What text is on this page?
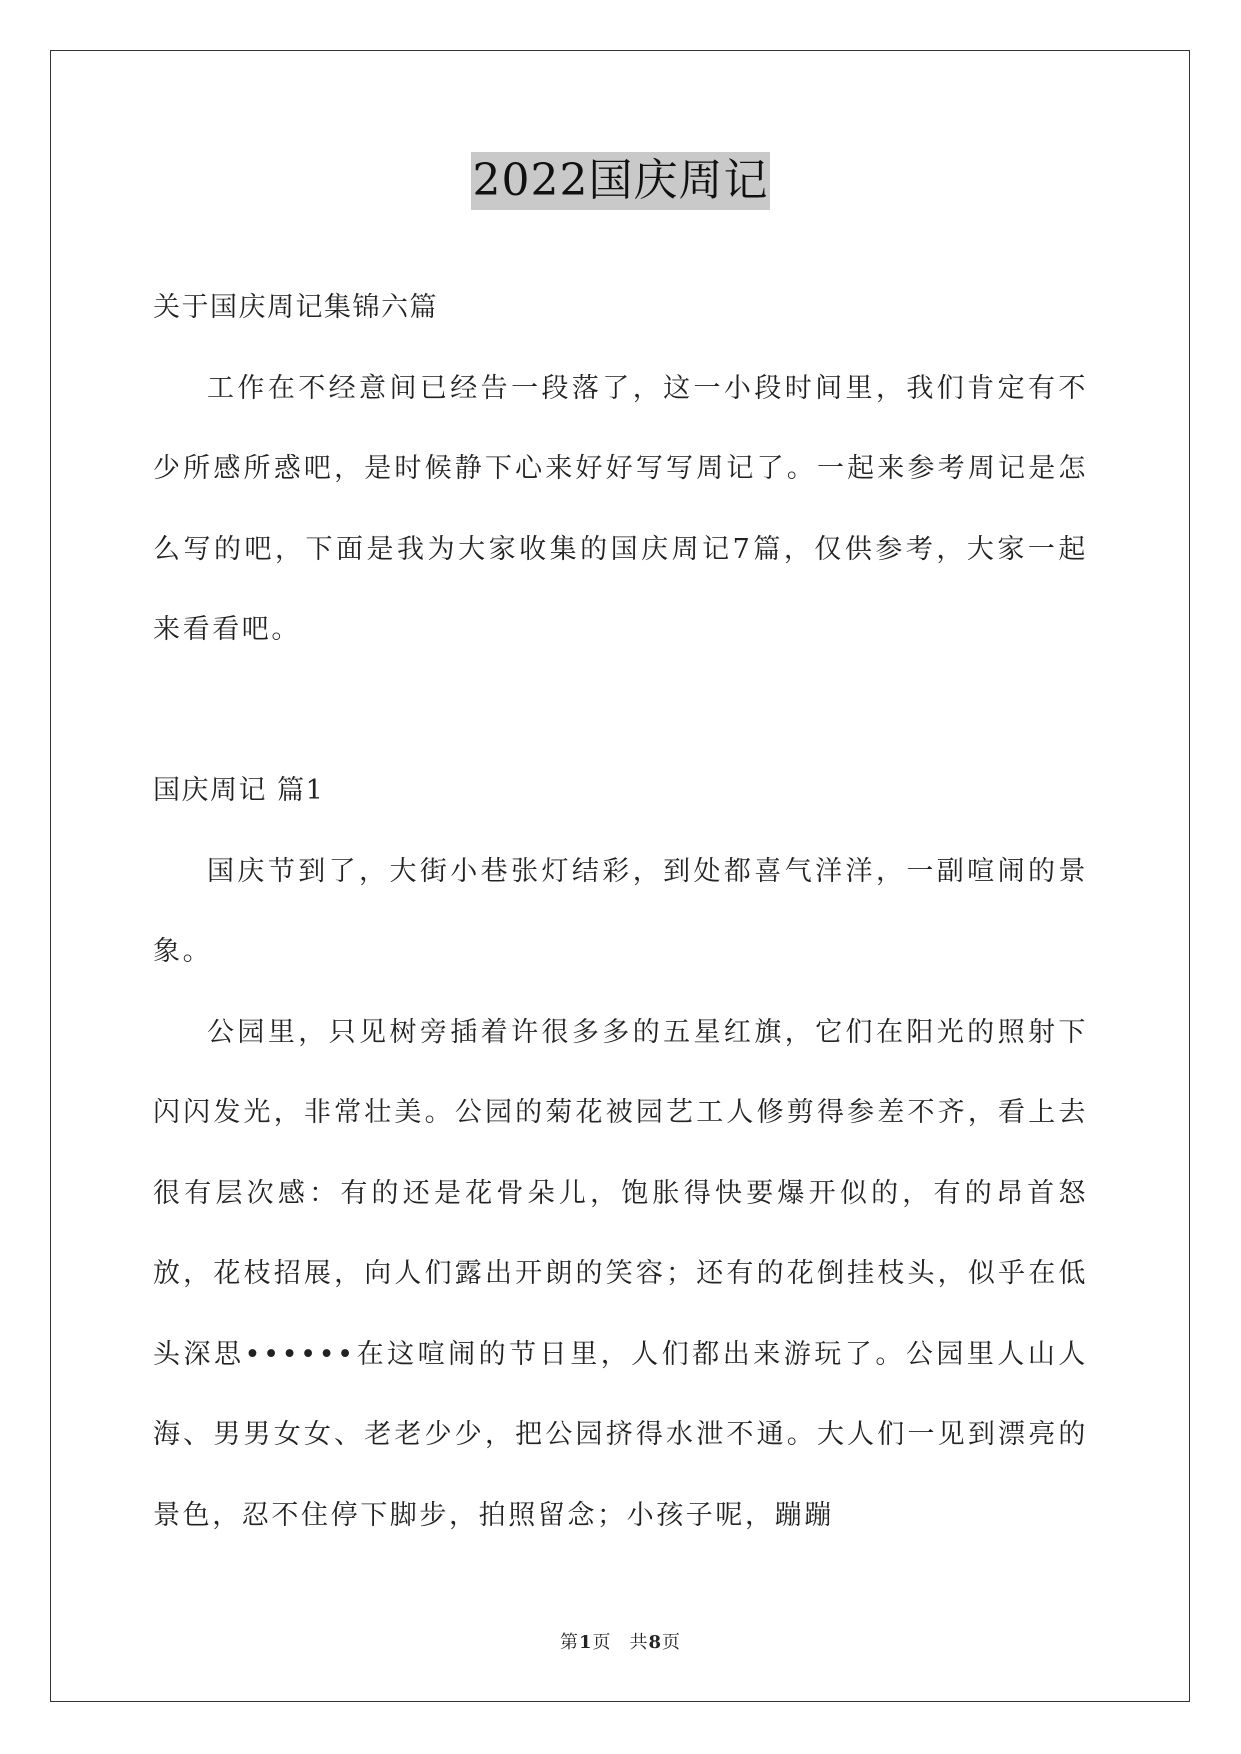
2022国庆周记

关于国庆周记集锦六篇

工作在不经意间已经告一段落了，这一小段时间里，我们肯定有不少所感所惑吧，是时候静下心来好好写写周记了。一起来参考周记是怎么写的吧，下面是我为大家收集的国庆周记7篇，仅供参考，大家一起来看看吧。

国庆周记 篇1

国庆节到了，大街小巷张灯结彩，到处都喜气洋洋，一副喧闹的景象。

公园里，只见树旁插着许很多多的五星红旗，它们在阳光的照射下闪闪发光，非常壮美。公园的菊花被园艺工人修剪得参差不齐，看上去很有层次感：有的还是花骨朵儿，饱胀得快要爆开似的，有的昂首怒放，花枝招展，向人们露出开朗的笑容；还有的花倒挂枝头，似乎在低头深思••••••在这喧闹的节日里，人们都出来游玩了。公园里人山人海、男男女女、老老少少，把公园挤得水泄不通。大人们一见到漂亮的景色，忍不住停下脚步，拍照留念；小孩子呢，蹦蹦

第1页 共8页
